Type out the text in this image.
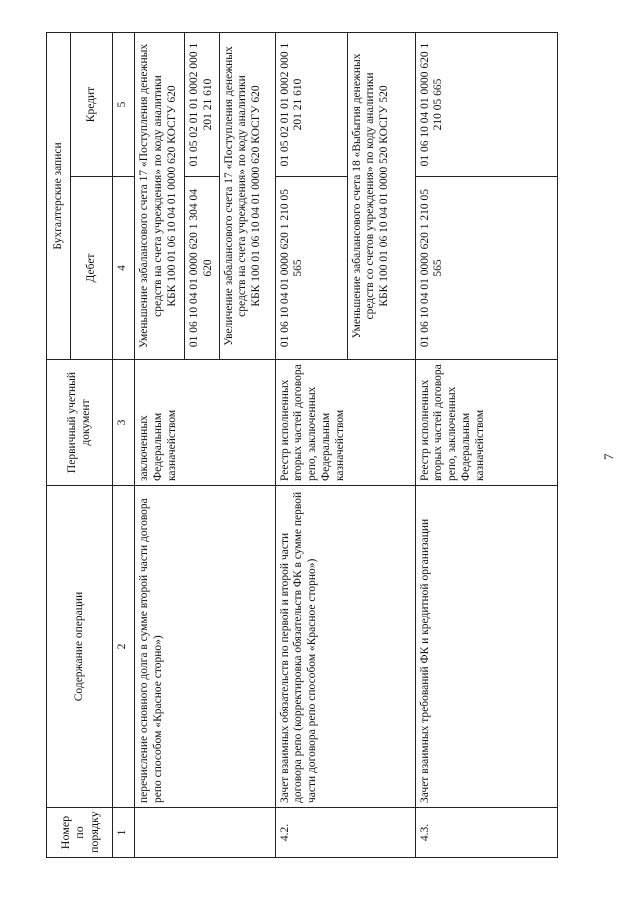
7
Номер по порядку	Содержание операции	Первичный учетный документ	Бухгалтерские записи	
			Дебет	Кредит
1	2	3	4	5
	перечисление основного долга в сумме второй части договора репо способом «Красное сторно»)	заключенных Федеральным казначейством	Уменьшение забалансового счета 17 «Поступления денежных средств на счета учреждения» по коду аналитики КБК 100 01 06 10 04 01 0000 620 КОСГУ 620	

			01 06 10 04 01 0000 620 1 304 04 620	01 05 02 01 01 0002 000 1 201 21 610

			Увеличение забалансового счета 17 «Поступления денежных средств на счета учреждения» по коду аналитики КБК 100 01 06 10 04 01 0000 620 КОСГУ 620	

4.2.	Зачет взаимных обязательств по первой и второй части договора репо (корректировка обязательств ФК в сумме первой части договора репо способом «Красное сторно»)	Реестр исполненных вторых частей договора репо, заключенных Федеральным казначейством	01 06 10 04 01 0000 620 1 210 05 565	01 05 02 01 01 0002 000 1 201 21 610

			Уменьшение забалансового счета 18 «Выбытия денежных средств со счетов учреждения» по коду аналитики КБК 100 01 06 10 04 01 0000 520 КОСГУ 520	

4.3.	Зачет взаимных требований ФК и кредитной организации	Реестр исполненных вторых частей договора репо, заключенных Федеральным казначейством	01 06 10 04 01 0000 620 1 210 05 565	01 06 10 04 01 0000 620 1 210 05 665
